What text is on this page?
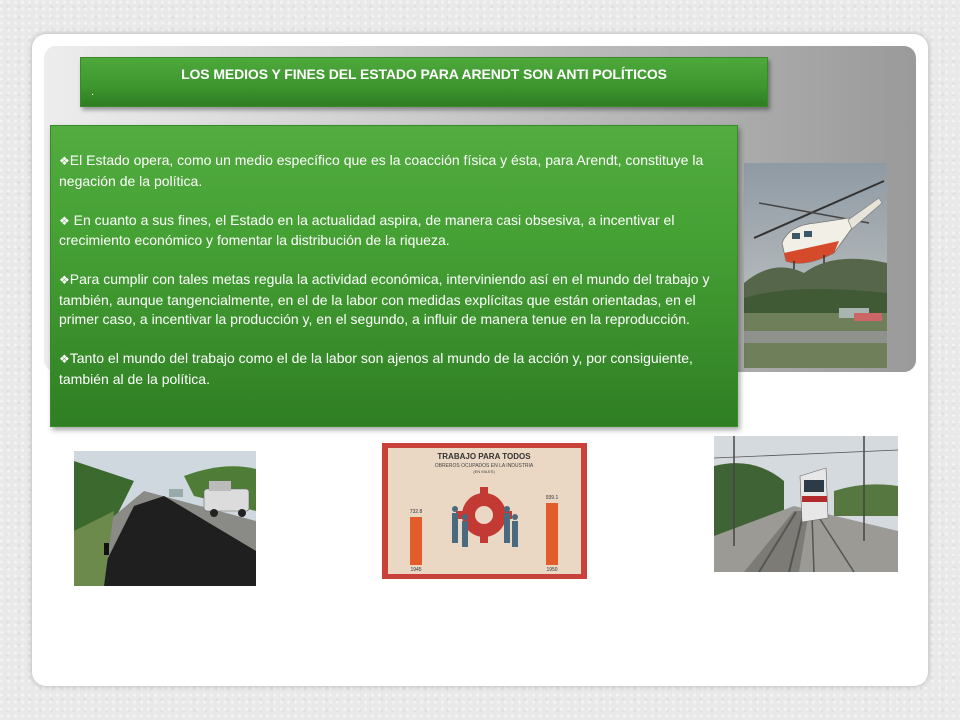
LOS MEDIOS Y FINES DEL ESTADO PARA ARENDT SON ANTI POLÍTICOS
.

❖El Estado opera, como un medio específico que es la coacción física y ésta, para Arendt, constituye la negación de la política.

❖ En cuanto a sus fines, el Estado en la actualidad aspira, de manera casi obsesiva, a incentivar el crecimiento económico y fomentar la distribución de la riqueza.

❖Para cumplir con tales metas regula la actividad económica, interviniendo así en el mundo del trabajo y también, aunque tangencialmente, en el de la labor con medidas explícitas que están orientadas, en el primer caso, a incentivar la producción y, en el segundo, a influir de manera tenue en la reproducción.

❖Tanto el mundo del trabajo como el de la labor son ajenos al mundo de la acción y, por consiguiente, también al de la política.

TRABAJO PARA TODOS
OBREROS OCUPADOS EN LA INDUSTRIA
(EN MILES)
732.8
939.1
1945	1950
